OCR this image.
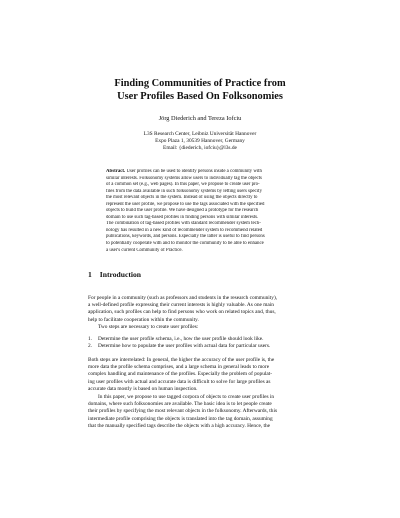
Finding Communities of Practice from
User Profiles Based On Folksonomies
Jörg Diederich and Tereza Iofciu
L3S Research Center, Leibniz Universität Hannover
Expo Plaza 1, 30539 Hannover, Germany
Email: {diederich, iofciu}@l3s.de
Abstract. User profiles can be used to identify persons inside a community with
similar interests. Folksonomy systems allow users to individually tag the objects
of a common set (e.g., web pages). In this paper, we propose to create user pro-
files from the data available in such folksonomy systems by letting users specify
the most relevant objects in the system. Instead of using the objects directly to
represent the user profile, we propose to use the tags associated with the specified
objects to build the user profile. We have designed a prototype for the research
domain to use such tag-based profiles in finding persons with similar interests.
The combination of tag-based profiles with standard recommender system tech-
nology has resulted in a new kind of recommender system to recommend related
publications, keywords, and persons. Especially the latter is useful to find persons
to potentially cooperate with and to monitor the community to be able to enhance
a user's current Community of Practice.
1 Introduction
For people in a community (such as professors and students in the research community),
a well-defined profile expressing their current interests is highly valuable. As one main
application, such profiles can help to find persons who work on related topics and, thus,
help to facilitate cooperation within the community.
Two steps are necessary to create user profiles:
1. Determine the user profile schema, i.e., how the user profile should look like.
2. Determine how to populate the user profiles with actual data for particular users.
Both steps are interrelated: In general, the higher the accuracy of the user profile is, the
more data the profile schema comprises, and a large schema in general leads to more
complex handling and maintenance of the profiles. Especially the problem of populat-
ing user profiles with actual and accurate data is difficult to solve for large profiles as
accurate data mostly is based on human inspection.
In this paper, we propose to use tagged corpora of objects to create user profiles in
domains, where such folksonomies are available. The basic idea is to let people create
their profiles by specifying the most relevant objects in the folksonomy. Afterwards, this
intermediate profile comprising the objects is translated into the tag domain, assuming
that the manually specified tags describe the objects with a high accuracy. Hence, the
